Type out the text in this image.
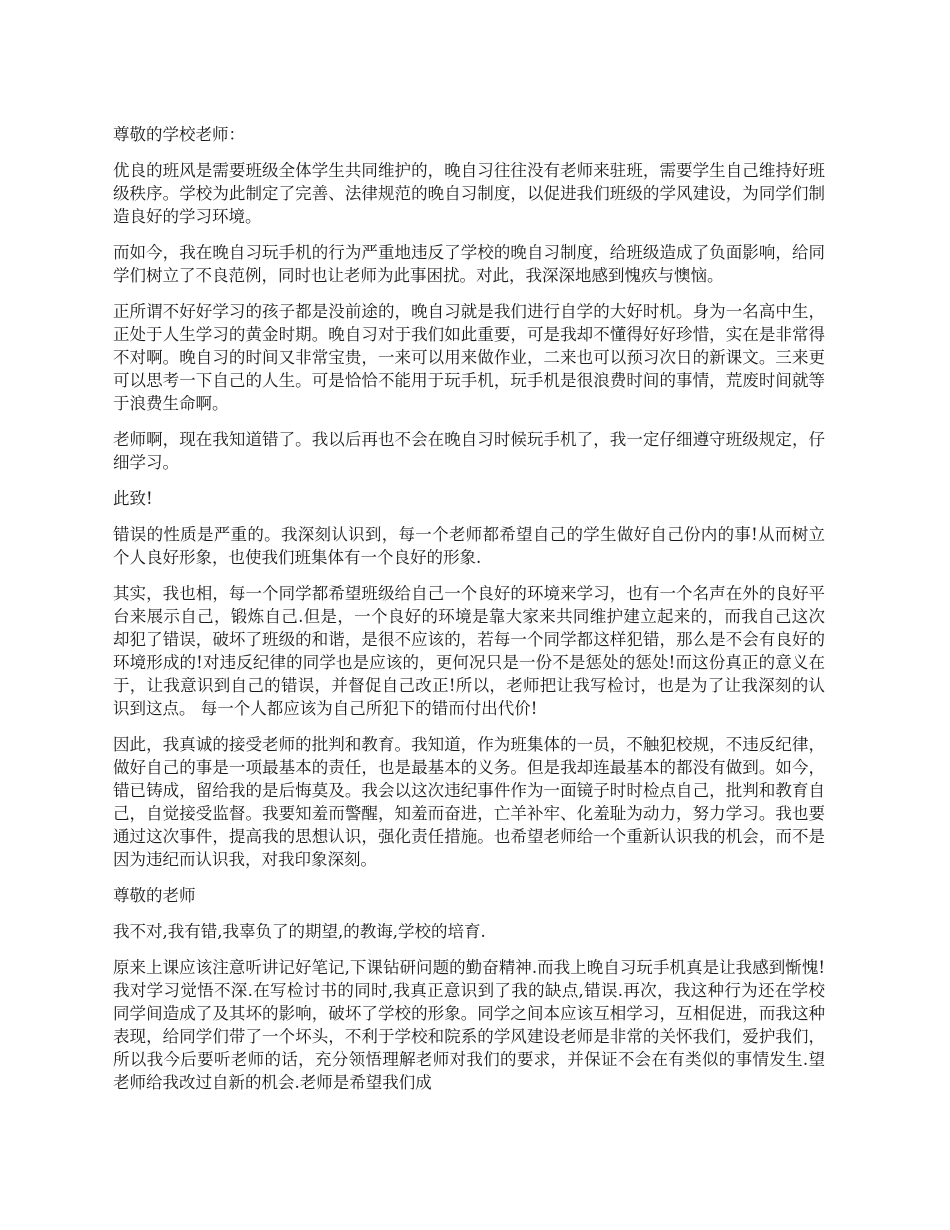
尊敬的学校老师：

优良的班风是需要班级全体学生共同维护的，晚自习往往没有老师来驻班，需要学生自己维持好班级秩序。学校为此制定了完善、法律规范的晚自习制度，以促进我们班级的学风建设，为同学们制造良好的学习环境。

而如今，我在晚自习玩手机的行为严重地违反了学校的晚自习制度，给班级造成了负面影响，给同学们树立了不良范例，同时也让老师为此事困扰。对此，我深深地感到愧疚与懊恼。

正所谓不好好学习的孩子都是没前途的，晚自习就是我们进行自学的大好时机。身为一名高中生，正处于人生学习的黄金时期。晚自习对于我们如此重要，可是我却不懂得好好珍惜，实在是非常得不对啊。晚自习的时间又非常宝贵，一来可以用来做作业，二来也可以预习次日的新课文。三来更可以思考一下自己的人生。可是恰恰不能用于玩手机，玩手机是很浪费时间的事情，荒废时间就等于浪费生命啊。

老师啊，现在我知道错了。我以后再也不会在晚自习时候玩手机了，我一定仔细遵守班级规定，仔细学习。

此致!

错误的性质是严重的。我深刻认识到，每一个老师都希望自己的学生做好自己份内的事!从而树立个人良好形象，也使我们班集体有一个良好的形象.

其实，我也相，每一个同学都希望班级给自己一个良好的环境来学习，也有一个名声在外的良好平台来展示自己，锻炼自己.但是，一个良好的环境是靠大家来共同维护建立起来的，而我自己这次却犯了错误，破坏了班级的和谐，是很不应该的，若每一个同学都这样犯错，那么是不会有良好的环境形成的!对违反纪律的同学也是应该的，更何况只是一份不是惩处的惩处!而这份真正的意义在于，让我意识到自己的错误，并督促自己改正!所以，老师把让我写检讨，也是为了让我深刻的认识到这点。 每一个人都应该为自己所犯下的错而付出代价!

因此，我真诚的接受老师的批判和教育。我知道，作为班集体的一员，不触犯校规，不违反纪律，做好自己的事是一项最基本的责任，也是最基本的义务。但是我却连最基本的都没有做到。如今，错已铸成，留给我的是后悔莫及。我会以这次违纪事件作为一面镜子时时检点自己，批判和教育自己，自觉接受监督。我要知羞而警醒，知羞而奋进，亡羊补牢、化羞耻为动力，努力学习。我也要通过这次事件，提高我的思想认识，强化责任措施。也希望老师给一个重新认识我的机会，而不是因为违纪而认识我，对我印象深刻。

尊敬的老师

我不对,我有错,我辜负了的期望,的教诲,学校的培育.

原来上课应该注意听讲记好笔记,下课钻研问题的勤奋精神.而我上晚自习玩手机真是让我感到惭愧!我对学习觉悟不深.在写检讨书的同时,我真正意识到了我的缺点,错误.再次，我这种行为还在学校同学间造成了及其坏的影响，破坏了学校的形象。同学之间本应该互相学习，互相促进，而我这种表现，给同学们带了一个坏头，不利于学校和院系的学风建设老师是非常的关怀我们，爱护我们，所以我今后要听老师的话，充分领悟理解老师对我们的要求，并保证不会在有类似的事情发生.望老师给我改过自新的机会.老师是希望我们成
